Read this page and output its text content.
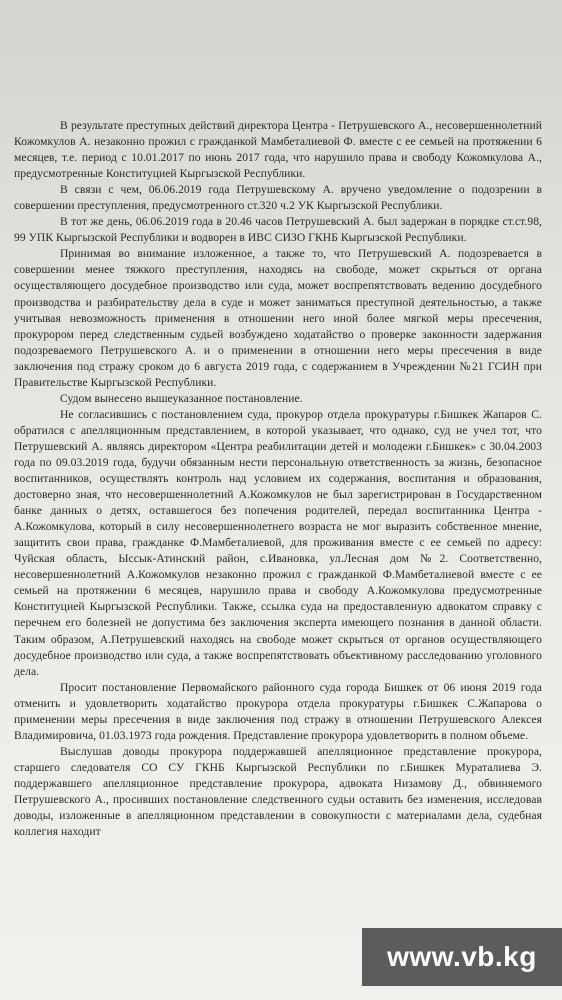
В результате преступных действий директора Центра - Петрушевского А., несовершеннолетний Кожомкулов А. незаконно прожил с гражданкой Мамбеталиевой Ф. вместе с ее семьей на протяжении 6 месяцев, т.е. период с 10.01.2017 по июнь 2017 года, что нарушило права и свободу Кожомкулова А., предусмотренные Конституцией Кыргызской Республики.

В связи с чем, 06.06.2019 года Петрушевскому А. вручено уведомление о подозрении в совершении преступления, предусмотренного ст.320 ч.2 УК Кыргызской Республики.

В тот же день, 06.06.2019 года в 20.46 часов Петрушевский А. был задержан в порядке ст.ст.98, 99 УПК Кыргызской Республики и водворен в ИВС СИЗО ГКНБ Кыргызской Республики.

Принимая во внимание изложенное, а также то, что Петрушевский А. подозревается в совершении менее тяжкого преступления, находясь на свободе, может скрыться от органа осуществляющего досудебное производство или суда, может воспрепятствовать ведению досудебного производства и разбирательству дела в суде и может заниматься преступной деятельностью, а также учитывая невозможность применения в отношении него иной более мягкой меры пресечения, прокурором перед следственным судьей возбуждено ходатайство о проверке законности задержания подозреваемого Петрушевского А. и о применении в отношении него меры пресечения в виде заключения под стражу сроком до 6 августа 2019 года, с содержанием в Учреждении №21 ГСИН при Правительстве Кыргызской Республики.

Судом вынесено вышеуказанное постановление.

Не согласившись с постановлением суда, прокурор отдела прокуратуры г.Бишкек Жапаров С. обратился с апелляционным представлением, в которой указывает, что однако, суд не учел тот, что Петрушевский А. являясь директором «Центра реабилитации детей и молодежи г.Бишкек» с 30.04.2003 года по 09.03.2019 года, будучи обязанным нести персональную ответственность за жизнь, безопасное воспитанников, осуществлять контроль над условием их содержания, воспитания и образования, достоверно зная, что несовершеннолетний А.Кожомкулов не был зарегистрирован в Государственном банке данных о детях, оставшегося без попечения родителей, передал воспитанника Центра - А.Кожомкулова, который в силу несовершеннолетнего возраста не мог выразить собственное мнение, защитить свои права, гражданке Ф.Мамбеталиевой, для проживания вместе с ее семьей по адресу: Чуйская область, Ыссык-Атинский район, с.Ивановка, ул.Лесная дом №2. Соответственно, несовершеннолетний А.Кожомкулов незаконно прожил с гражданкой Ф.Мамбеталиевой вместе с ее семьей на протяжении 6 месяцев, нарушило права и свободу А.Кожомкулова предусмотренные Конституцией Кыргызской Республики. Также, ссылка суда на предоставленную адвокатом справку с перечнем его болезней не допустима без заключения эксперта имеющего познания в данной области. Таким образом, А.Петрушевский находясь на свободе может скрыться от органов осуществляющего досудебное производство или суда, а также воспрепятствовать объективному расследованию уголовного дела.

Просит постановление Первомайского районного суда города Бишкек от 06 июня 2019 года отменить и удовлетворить ходатайство прокурора отдела прокуратуры г.Бишкек С.Жапарова о применении меры пресечения в виде заключения под стражу в отношении Петрушевского Алексея Владимировича, 01.03.1973 года рождения. Представление прокурора удовлетворить в полном объеме.

Выслушав доводы прокурора поддержавшей апелляционное представление прокурора, старшего следователя СО СУ ГКНБ Кыргызской Республики по г.Бишкек Мураталиева Э. поддержавшего апелляционное представление прокурора, адвоката Низамову Д., обвиняемого Петрушевского А., просивших постановление следственного судьи оставить без изменения, исследовав доводы, изложенные в апелляционном представлении в совокупности с материалами дела, судебная коллегия находит

www.vb.kg
